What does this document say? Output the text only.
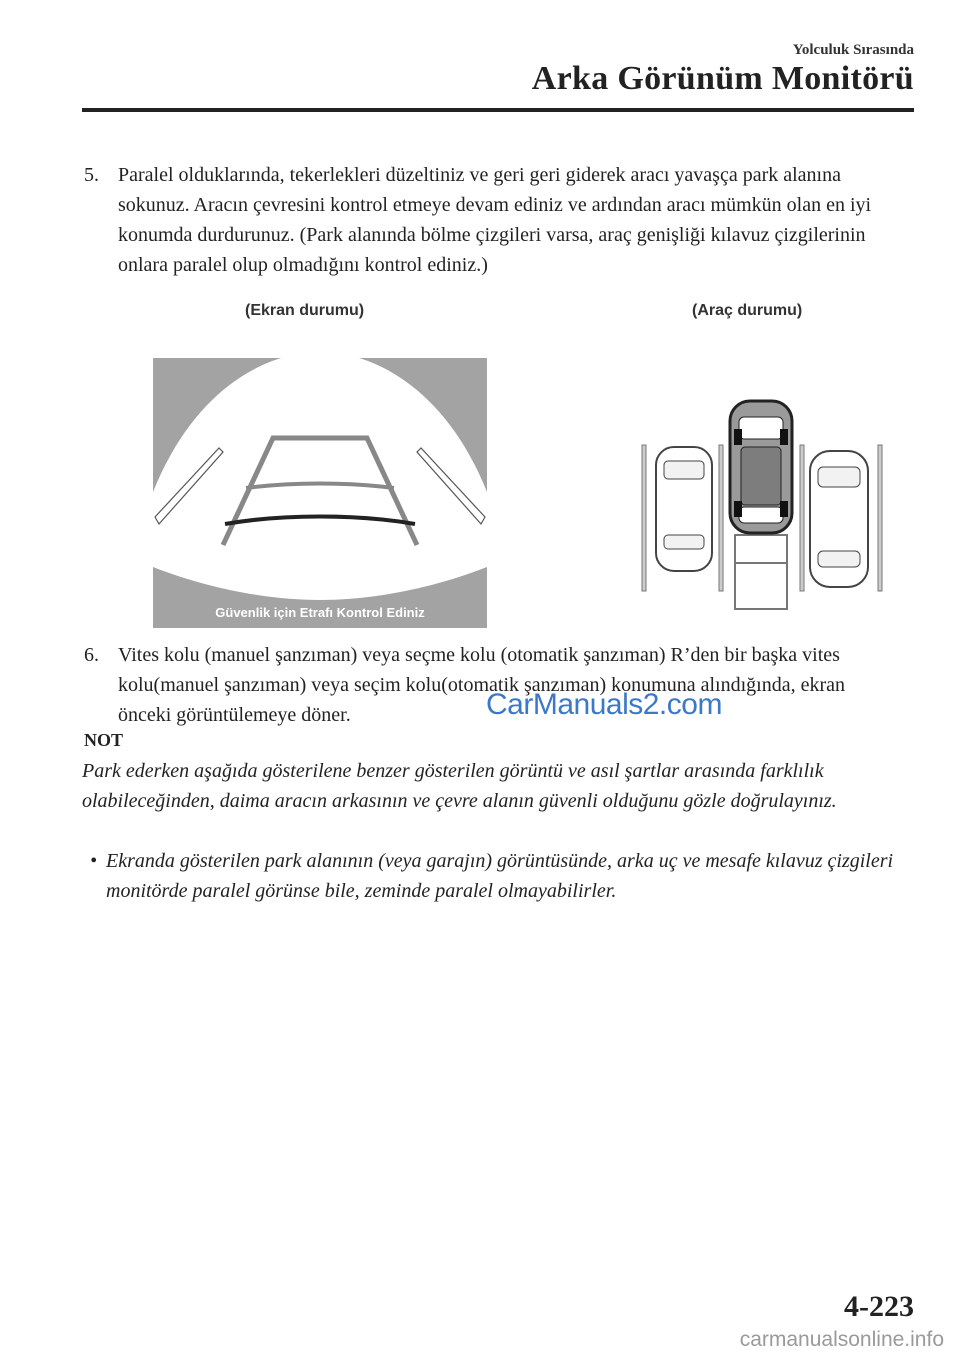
Yolculuk Sırasında
Arka Görünüm Monitörü
5. Paralel olduklarında, tekerlekleri düzeltiniz ve geri geri giderek aracı yavaşça park alanına sokunuz. Aracın çevresini kontrol etmeye devam ediniz ve ardından aracı mümkün olan en iyi konumda durdurunuz. (Park alanında bölme çizgileri varsa, araç genişliği kılavuz çizgilerinin onlara paralel olup olmadığını kontrol ediniz.)
(Ekran durumu)	(Araç durumu)
Güvenlik için Etrafı Kontrol Ediniz
6. Vites kolu (manuel şanzıman) veya seçme kolu (otomatik şanzıman) R’den bir başka vites kolu(manuel şanzıman) veya seçim kolu(otomatik şanzıman) konumuna alındığında, ekran önceki görüntülemeye döner.	CarManuals2.com
NOT
Park ederken aşağıda gösterilene benzer gösterilen görüntü ve asıl şartlar arasında farklılık olabileceğinden, daima aracın arkasının ve çevre alanın güvenli olduğunu gözle doğrulayınız.
• Ekranda gösterilen park alanının (veya garajın) görüntüsünde, arka uç ve mesafe kılavuz çizgileri monitörde paralel görünse bile, zeminde paralel olmayabilirler.
4-223
carmanualsonline.info
